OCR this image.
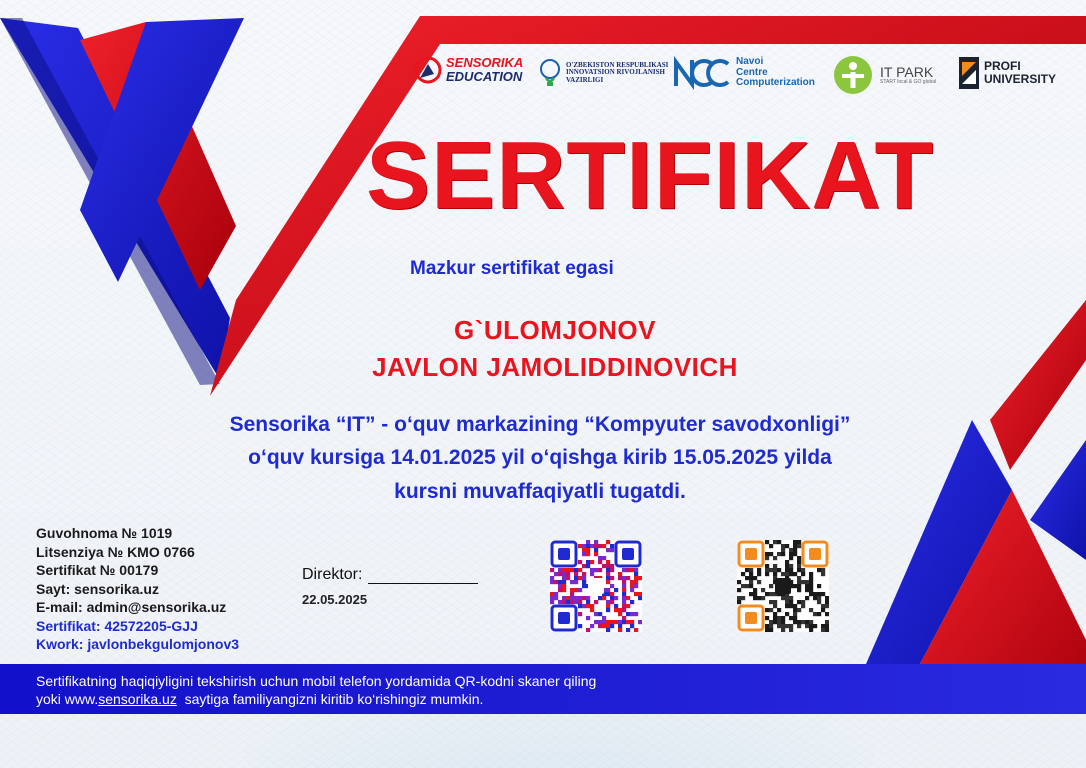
SENSORIKA
EDUCATION
O'ZBEKISTON RESPUBLIKASI
INNOVATSION RIVOJLANISH
VAZIRLIGI
Navoi
Centre
Computerization
IT PARK
START local & GO global
PROFI
UNIVERSITY
SERTIFIKAT
Mazkur sertifikat egasi
G`ULOMJONOV
JAVLON JAMOLIDDINOVICH
Sensorika “IT” - o‘quv markazining “Kompyuter savodxonligi”
o‘quv kursiga 14.01.2025 yil o‘qishga kirib 15.05.2025 yilda
kursni muvaffaqiyatli tugatdi.
Guvohnoma № 1019
Litsenziya № KMO 0766
Sertifikat № 00179
Sayt: sensorika.uz
E-mail: admin@sensorika.uz
Sertifikat: 42572205-GJJ
Kwork: javlonbekgulomjonov3
Direktor:
22.05.2025
Sertifikatning haqiqiyligini tekshirish uchun mobil telefon yordamida QR-kodni skaner qiling
yoki www.sensorika.uz  saytiga familiyangizni kiritib ko‘rishingiz mumkin.
